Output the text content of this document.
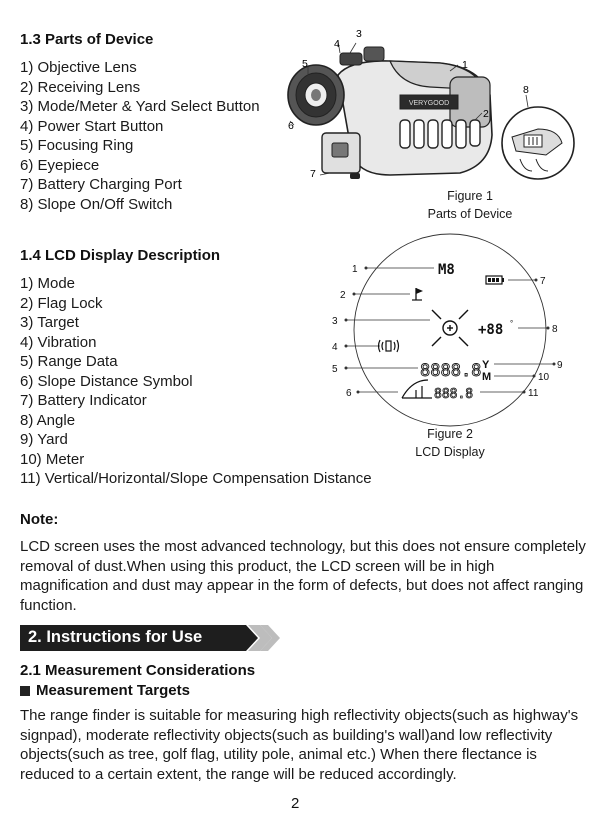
1.3 Parts of Device
1) Objective Lens
2) Receiving Lens
3) Mode/Meter & Yard Select Button
4) Power Start Button
5) Focusing Ring
6) Eyepiece
7) Battery Charging Port
8) Slope On/Off Switch
VERYGOOD
3
4
5	1
2
6
7
8
Figure 1
Parts of Device
1.4 LCD Display Description
1) Mode
2) Flag Lock
3) Target
4) Vibration
5) Range Data
6) Slope Distance Symbol
7) Battery Indicator
8) Angle
9) Yard
10) Meter
11) Vertical/Horizontal/Slope Compensation Distance
M8
+88 °
8888.8 Y
M
888.8
1
2
3
4
5
6
7
8
9
10
11
Figure 2
LCD Display
Note:
LCD screen uses the most advanced technology, but this does not ensure completely removal of dust.When using this product, the LCD screen will be in high magnification and dust may appear in the form of defects, but does not affect ranging function.
2. Instructions for Use
2.1 Measurement Considerations
Measurement Targets
The range finder is suitable for measuring high reflectivity objects(such as highway's signpad), moderate reflectivity objects(such as building's wall)and low reflectivity objects(such as tree, golf flag, utility pole, animal etc.) When there flectance is reduced to a certain extent, the range will be reduced accordingly.
2
